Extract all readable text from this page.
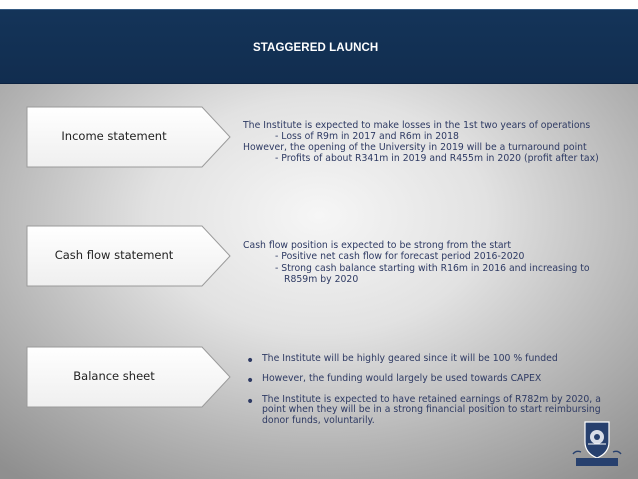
STAGGERED LAUNCH
Income statement
Cash flow statement
Balance sheet
The Institute is expected to make losses in the 1st two years of operations
- Loss of R9m in 2017 and R6m in 2018
However, the opening of the University in 2019 will be a turnaround point
- Profits of about R341m in 2019 and R455m in 2020 (profit after tax)
Cash flow position is expected to be strong from the start
- Positive net cash flow for forecast period 2016-2020
- Strong cash balance starting with R16m in 2016 and increasing to
R859m by 2020
• The Institute will be highly geared since it will be 100 % funded
• However, the funding would largely be used towards CAPEX
• The Institute is expected to have retained earnings of R782m by 2020, a
point when they will be in a strong financial position to start reimbursing
donor funds, voluntarily.
